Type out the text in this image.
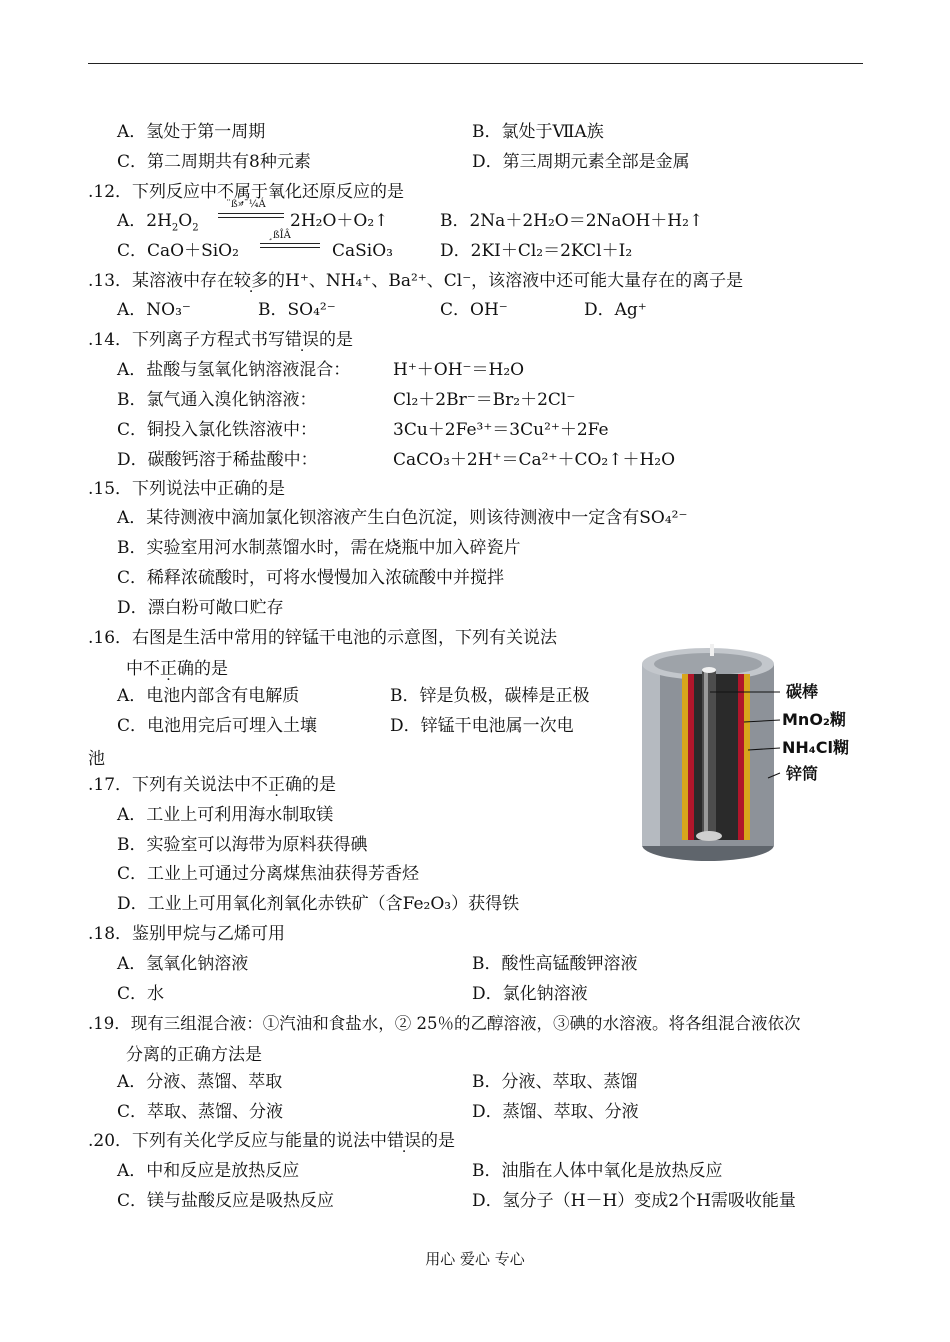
A．氢处于第一周期	B．氯处于ⅦA族
C．第二周期共有8种元素	D．第三周期元素全部是金属
.12．下列反应中不属于氧化还原反应的是
A．$2H_2O_2$
¨ß»¯¼Á
2H₂O＋O₂↑	B．2Na＋2H₂O＝2NaOH＋H₂↑
C．CaO＋SiO₂
¸ßÎÂ
CaSiO₃	D．2KI＋Cl₂＝2KCl＋I₂
.13．某溶液中存在较多的H⁺、NH₄⁺、Ba²⁺、Cl⁻，该溶液中还可能大量存在的离子是
A．NO₃⁻	B．SO₄²⁻	C．OH⁻	D．Ag⁺
.14．下列离子方程式书写错误的是
A．盐酸与氢氧化钠溶液混合：	H⁺＋OH⁻＝H₂O
B．氯气通入溴化钠溶液：	Cl₂＋2Br⁻＝Br₂＋2Cl⁻
C．铜投入氯化铁溶液中：	3Cu＋2Fe³⁺＝3Cu²⁺＋2Fe
D．碳酸钙溶于稀盐酸中：	CaCO₃＋2H⁺＝Ca²⁺＋CO₂↑＋H₂O
.15．下列说法中正确的是
A．某待测液中滴加氯化钡溶液产生白色沉淀，则该待测液中一定含有SO₄²⁻
B．实验室用河水制蒸馏水时，需在烧瓶中加入碎瓷片
C．稀释浓硫酸时，可将水慢慢加入浓硫酸中并搅拌
D．漂白粉可敞口贮存
.16．右图是生活中常用的锌锰干电池的示意图，下列有关说法
中不正确的是
A．电池内部含有电解质	B．锌是负极，碳棒是正极
C．电池用完后可埋入土壤	D．锌锰干电池属一次电
池
.17．下列有关说法中不正确的是
A．工业上可利用海水制取镁
B．实验室可以海带为原料获得碘
C．工业上可通过分离煤焦油获得芳香烃
D．工业上可用氧化剂氧化赤铁矿（含Fe₂O₃）获得铁
.18．鉴别甲烷与乙烯可用
A．氢氧化钠溶液	B．酸性高锰酸钾溶液
C．水	D．氯化钠溶液
.19．现有三组混合液：①汽油和食盐水，② 25％的乙醇溶液，③碘的水溶液。将各组混合液依次
分离的正确方法是
A．分液、蒸馏、萃取	B．分液、萃取、蒸馏
C．萃取、蒸馏、分液	D．蒸馏、萃取、分液
.20．下列有关化学反应与能量的说法中错误的是
A．中和反应是放热反应	B．油脂在人体中氧化是放热反应
C．镁与盐酸反应是吸热反应	D．氢分子（H－H）变成2个H需吸收能量
碳棒
MnO₂糊
NH₄Cl糊
锌筒
用心 爱心 专心
